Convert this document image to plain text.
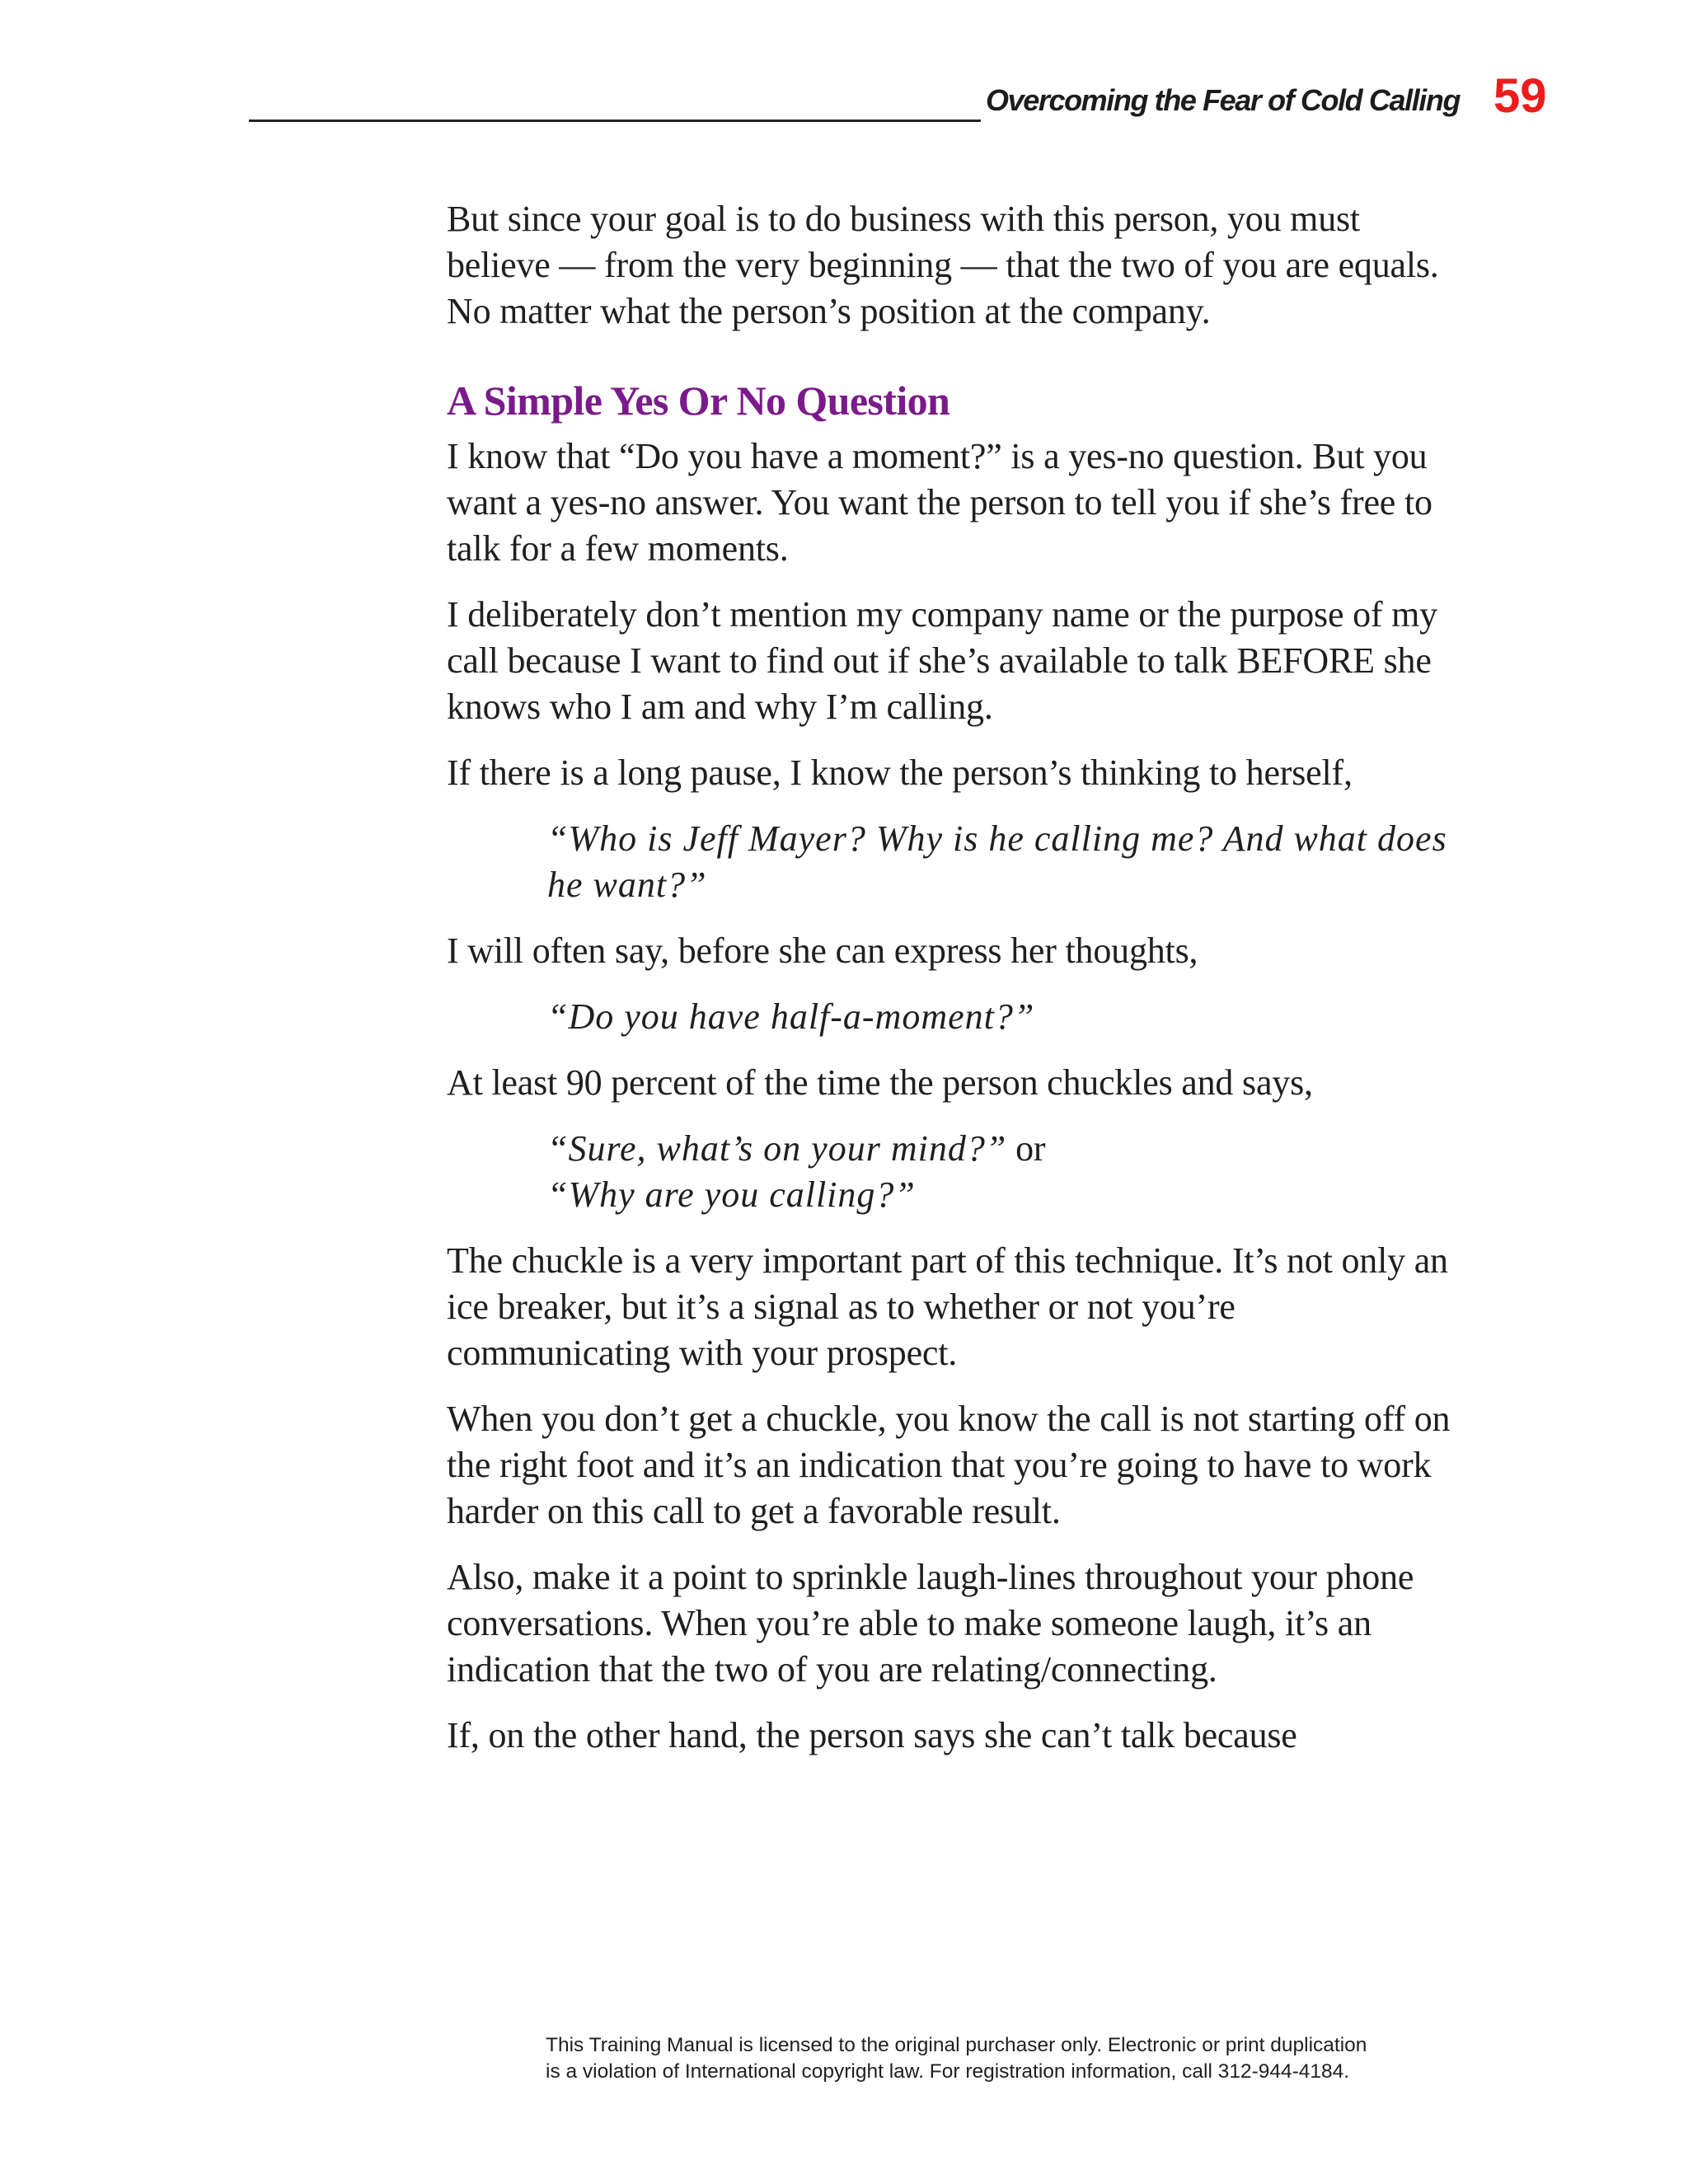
Overcoming the Fear of Cold Calling 59

But since your goal is to do business with this person, you must believe — from the very beginning — that the two of you are equals. No matter what the person’s position at the company.

A Simple Yes Or No Question

I know that “Do you have a moment?” is a yes-no question. But you want a yes-no answer. You want the person to tell you if she’s free to talk for a few moments.

I deliberately don’t mention my company name or the purpose of my call because I want to find out if she’s available to talk BEFORE she knows who I am and why I’m calling.

If there is a long pause, I know the person’s thinking to herself,

“Who is Jeff Mayer? Why is he calling me? And what does he want?”

I will often say, before she can express her thoughts,

“Do you have half-a-moment?”

At least 90 percent of the time the person chuckles and says,

“Sure, what’s on your mind?” or
“Why are you calling?”

The chuckle is a very important part of this technique. It’s not only an ice breaker, but it’s a signal as to whether or not you’re communicating with your prospect.

When you don’t get a chuckle, you know the call is not starting off on the right foot and it’s an indication that you’re going to have to work harder on this call to get a favorable result.

Also, make it a point to sprinkle laugh-lines throughout your phone conversations. When you’re able to make someone laugh, it’s an indication that the two of you are relating/connecting.

If, on the other hand, the person says she can’t talk because

This Training Manual is licensed to the original purchaser only. Electronic or print duplication
is a violation of International copyright law. For registration information, call 312-944-4184.
